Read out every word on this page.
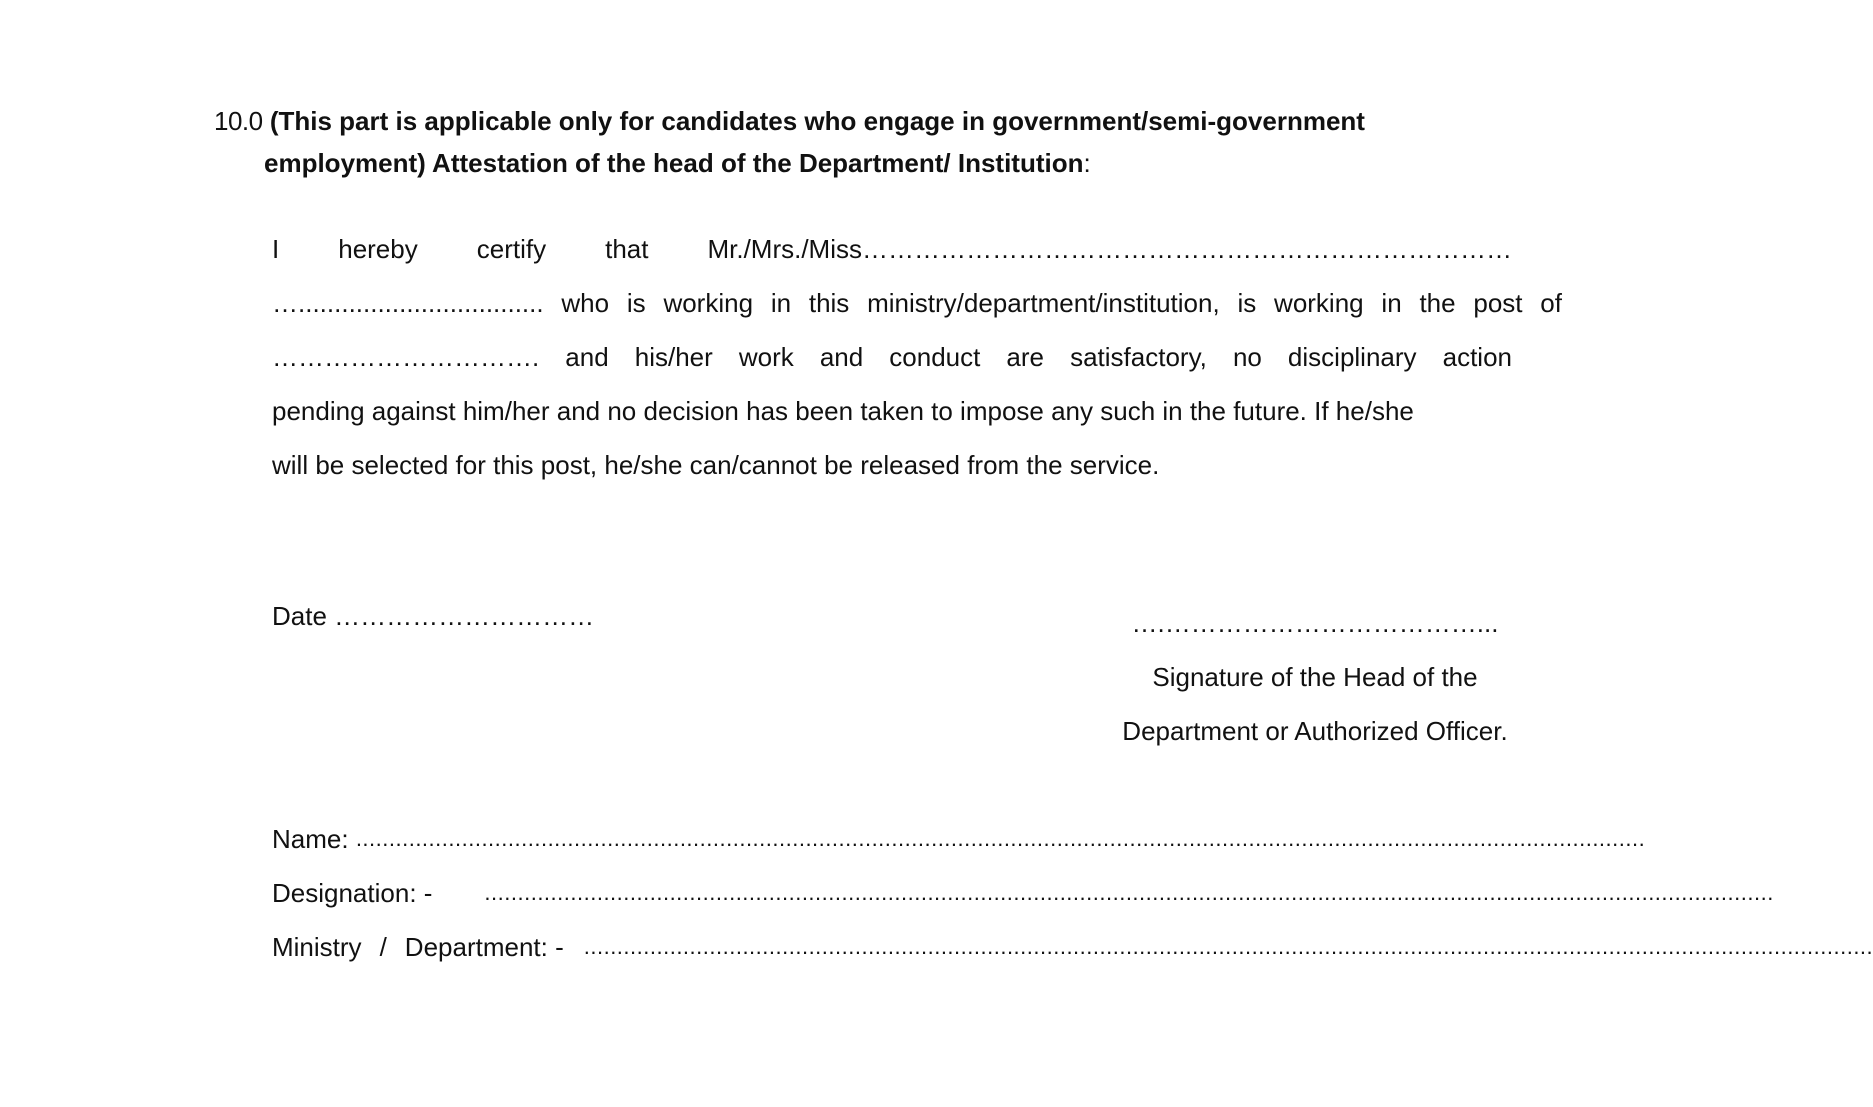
10.0 (This part is applicable only for candidates who engage in government/semi-government
employment) Attestation of the head of the Department/ Institution:
I hereby certify that Mr./Mrs./Miss…………………………………………………………………
….................................. who is working in this ministry/department/institution, is working in the post of
…………………………. and his/her work and conduct are satisfactory, no disciplinary action
pending against him/her and no decision has been taken to impose any such in the future. If he/she
will be selected for this post, he/she can/cannot be released from the service.
Date …………………………	….………………………………...
Signature of the Head of the
Department or Authorized Officer.
Name:
...................................................................................................................................................................................................
Designation: - ...................................................................................................................................................................................................
Ministry / Department: - ...................................................................................................................................................................................................
